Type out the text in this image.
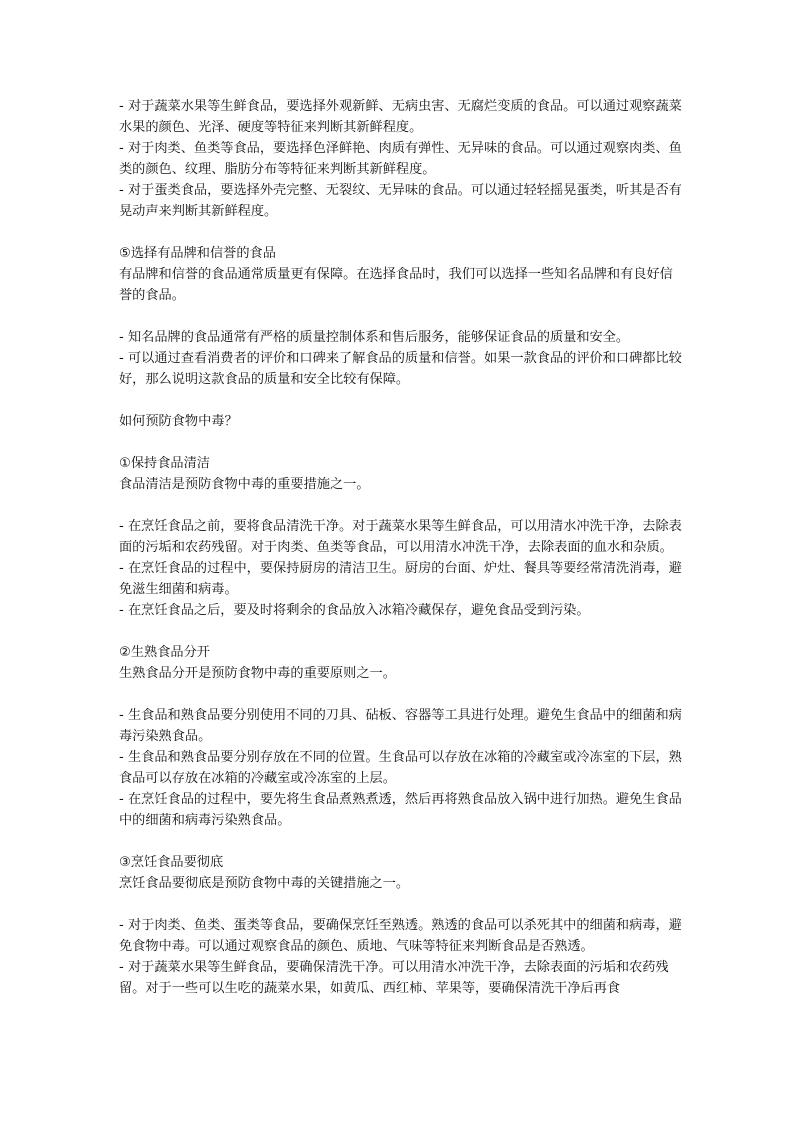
- 对于蔬菜水果等生鲜食品，要选择外观新鲜、无病虫害、无腐烂变质的食品。可以通过观察蔬菜水果的颜色、光泽、硬度等特征来判断其新鲜程度。

- 对于肉类、鱼类等食品，要选择色泽鲜艳、肉质有弹性、无异味的食品。可以通过观察肉类、鱼类的颜色、纹理、脂肪分布等特征来判断其新鲜程度。

- 对于蛋类食品，要选择外壳完整、无裂纹、无异味的食品。可以通过轻轻摇晃蛋类，听其是否有晃动声来判断其新鲜程度。

⑤选择有品牌和信誉的食品

有品牌和信誉的食品通常质量更有保障。在选择食品时，我们可以选择一些知名品牌和有良好信誉的食品。

- 知名品牌的食品通常有严格的质量控制体系和售后服务，能够保证食品的质量和安全。

- 可以通过查看消费者的评价和口碑来了解食品的质量和信誉。如果一款食品的评价和口碑都比较好，那么说明这款食品的质量和安全比较有保障。

如何预防食物中毒？

①保持食品清洁

食品清洁是预防食物中毒的重要措施之一。

- 在烹饪食品之前，要将食品清洗干净。对于蔬菜水果等生鲜食品，可以用清水冲洗干净，去除表面的污垢和农药残留。对于肉类、鱼类等食品，可以用清水冲洗干净，去除表面的血水和杂质。

- 在烹饪食品的过程中，要保持厨房的清洁卫生。厨房的台面、炉灶、餐具等要经常清洗消毒，避免滋生细菌和病毒。

- 在烹饪食品之后，要及时将剩余的食品放入冰箱冷藏保存，避免食品受到污染。

②生熟食品分开

生熟食品分开是预防食物中毒的重要原则之一。

- 生食品和熟食品要分别使用不同的刀具、砧板、容器等工具进行处理。避免生食品中的细菌和病毒污染熟食品。

- 生食品和熟食品要分别存放在不同的位置。生食品可以存放在冰箱的冷藏室或冷冻室的下层，熟食品可以存放在冰箱的冷藏室或冷冻室的上层。

- 在烹饪食品的过程中，要先将生食品煮熟煮透，然后再将熟食品放入锅中进行加热。避免生食品中的细菌和病毒污染熟食品。

③烹饪食品要彻底

烹饪食品要彻底是预防食物中毒的关键措施之一。

- 对于肉类、鱼类、蛋类等食品，要确保烹饪至熟透。熟透的食品可以杀死其中的细菌和病毒，避免食物中毒。可以通过观察食品的颜色、质地、气味等特征来判断食品是否熟透。

- 对于蔬菜水果等生鲜食品，要确保清洗干净。可以用清水冲洗干净，去除表面的污垢和农药残留。对于一些可以生吃的蔬菜水果，如黄瓜、西红柿、苹果等，要确保清洗干净后再食
